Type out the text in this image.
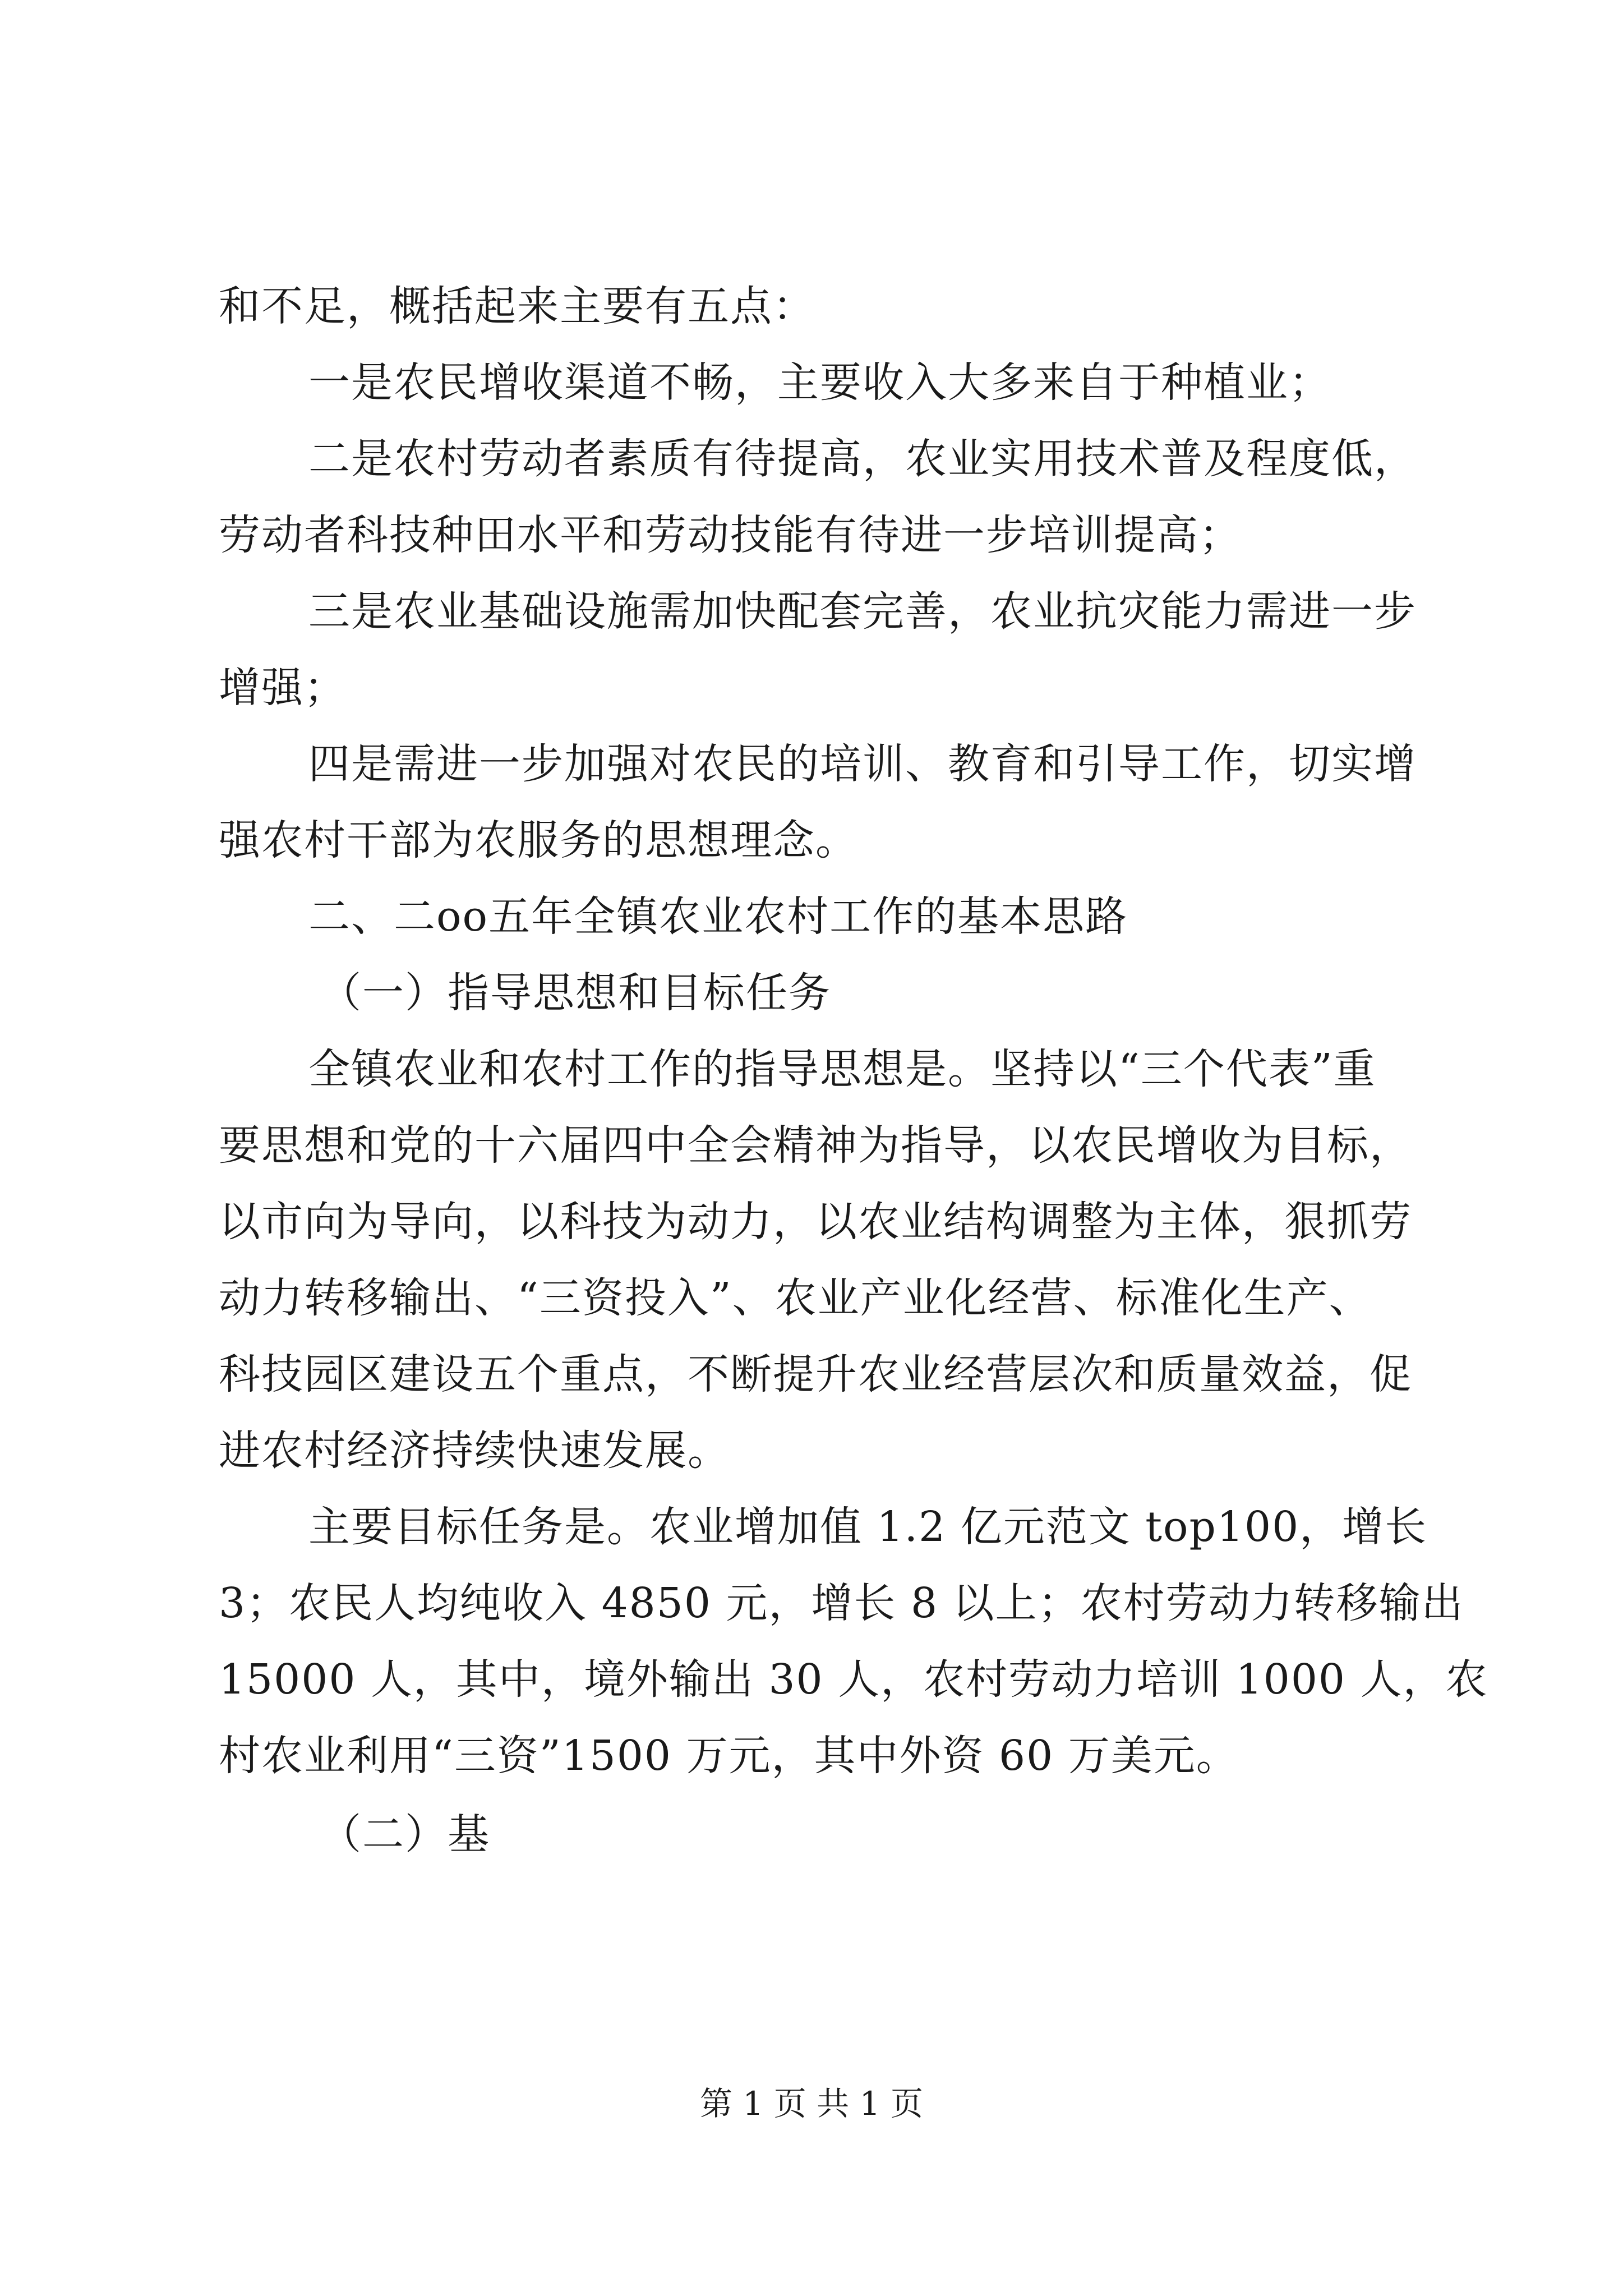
和不足，概括起来主要有五点：
一是农民增收渠道不畅，主要收入大多来自于种植业；
二是农村劳动者素质有待提高，农业实用技术普及程度低，
劳动者科技种田水平和劳动技能有待进一步培训提高；
三是农业基础设施需加快配套完善，农业抗灾能力需进一步
增强；
四是需进一步加强对农民的培训、教育和引导工作，切实增
强农村干部为农服务的思想理念。
二、二oo五年全镇农业农村工作的基本思路
（一）指导思想和目标任务
全镇农业和农村工作的指导思想是。坚持以“三个代表”重
要思想和党的十六届四中全会精神为指导，以农民增收为目标，
以市向为导向，以科技为动力，以农业结构调整为主体，狠抓劳
动力转移输出、“三资投入”、农业产业化经营、标准化生产、
科技园区建设五个重点，不断提升农业经营层次和质量效益，促
进农村经济持续快速发展。
主要目标任务是。农业增加值 1.2 亿元范文 top100，增长
3；农民人均纯收入 4850 元，增长 8 以上；农村劳动力转移输出
15000 人，其中，境外输出 30 人，农村劳动力培训 1000 人，农
村农业利用“三资”1500 万元，其中外资 60 万美元。
（二）基
第 1 页 共 1 页
